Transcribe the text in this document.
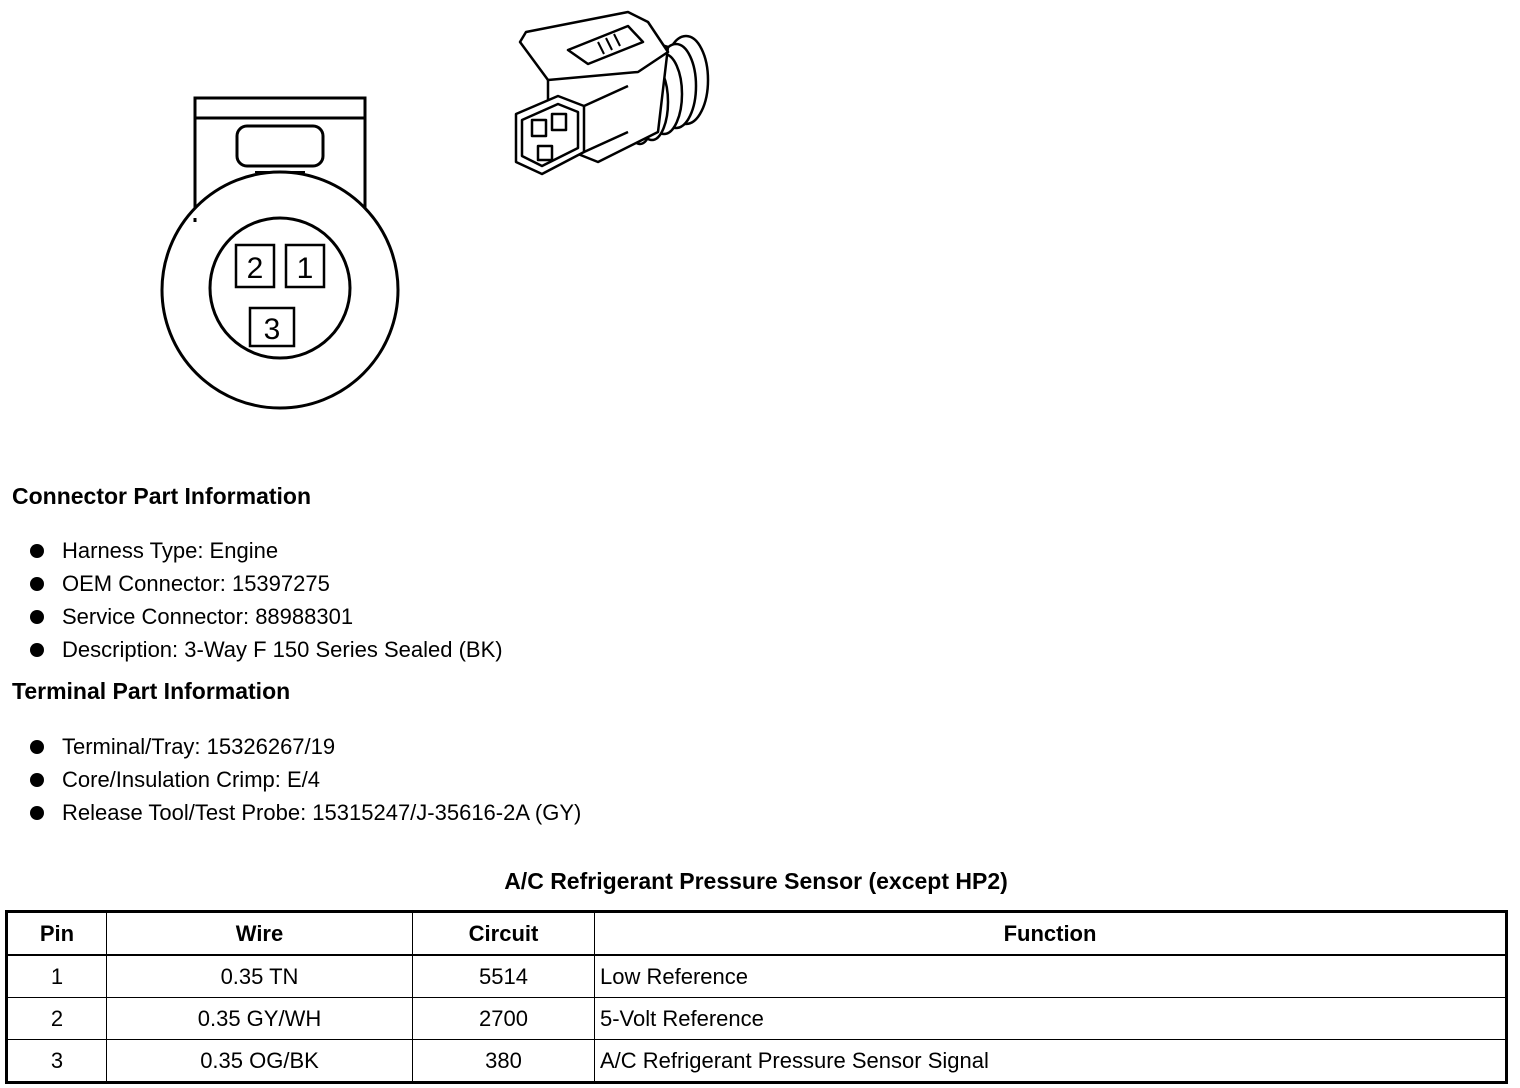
2 1
3
Connector Part Information
Harness Type: Engine
OEM Connector: 15397275
Service Connector: 88988301
Description: 3-Way F 150 Series Sealed (BK)
Terminal Part Information
Terminal/Tray: 15326267/19
Core/Insulation Crimp: E/4
Release Tool/Test Probe: 15315247/J-35616-2A (GY)
A/C Refrigerant Pressure Sensor (except HP2)
Pin	Wire	Circuit	Function
1	0.35 TN	5514	Low Reference
2	0.35 GY/WH	2700	5-Volt Reference
3	0.35 OG/BK	380	A/C Refrigerant Pressure Sensor Signal
